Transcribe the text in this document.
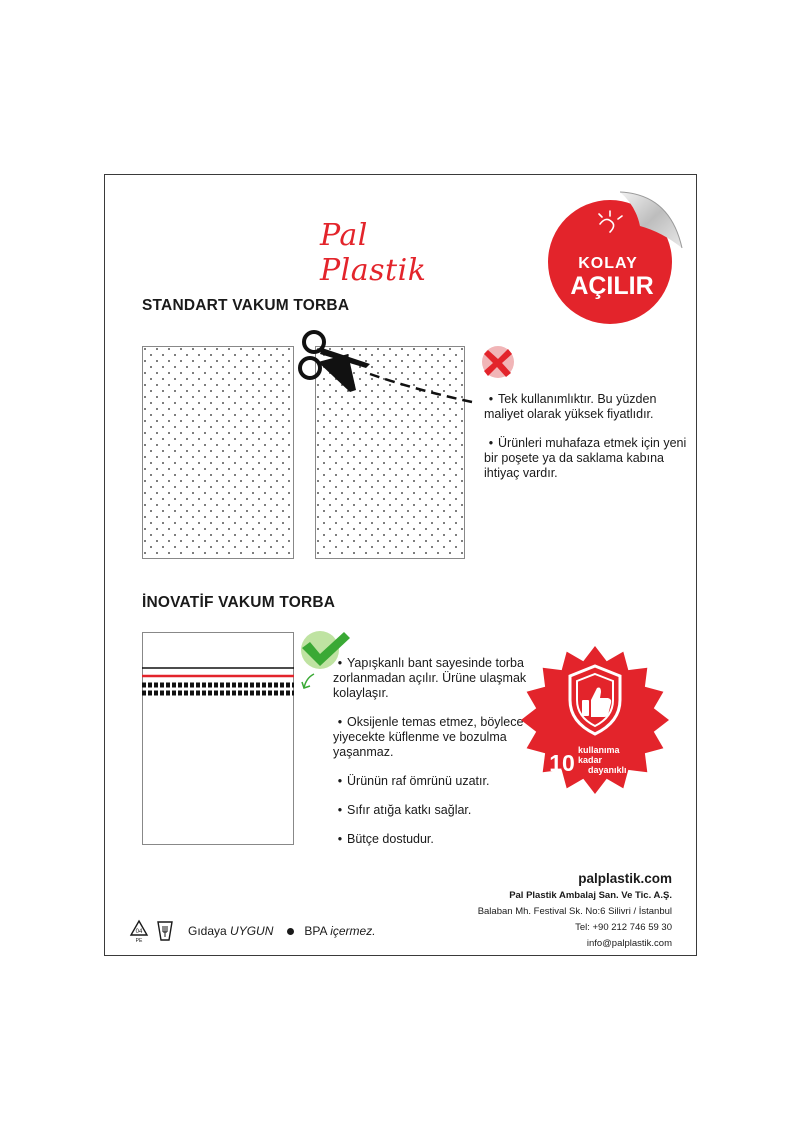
Pal Plastik	KOLAY
AÇILIR
STANDART VAKUM TORBA

• Tek kullanımlıktır. Bu yüzden maliyet olarak yüksek fiyatlıdır.

• Ürünleri muhafaza etmek için yeni bir poşete ya da saklama kabına ihtiyaç vardır.

İNOVATİF VAKUM TORBA

• Yapışkanlı bant sayesinde torba zorlanmadan açılır. Ürüne ulaşmak kolaylaşır.

• Oksijenle temas etmez, böylece yiyecekte küflenme ve bozulma yaşanmaz.

• Ürünün raf ömrünü uzatır.

• Sıfır atığa katkı sağlar.

• Bütçe dostudur.

10 kullanıma
kadar
dayanıklı
palplastik.com
Pal Plastik Ambalaj San. Ve Tic. A.Ş.
Balaban Mh. Festival Sk. No:6 Silivri / İstanbul
Tel: +90 212 746 59 30
info@palplastik.com
04
PE
Gıdaya UYGUN	BPA içermez.
